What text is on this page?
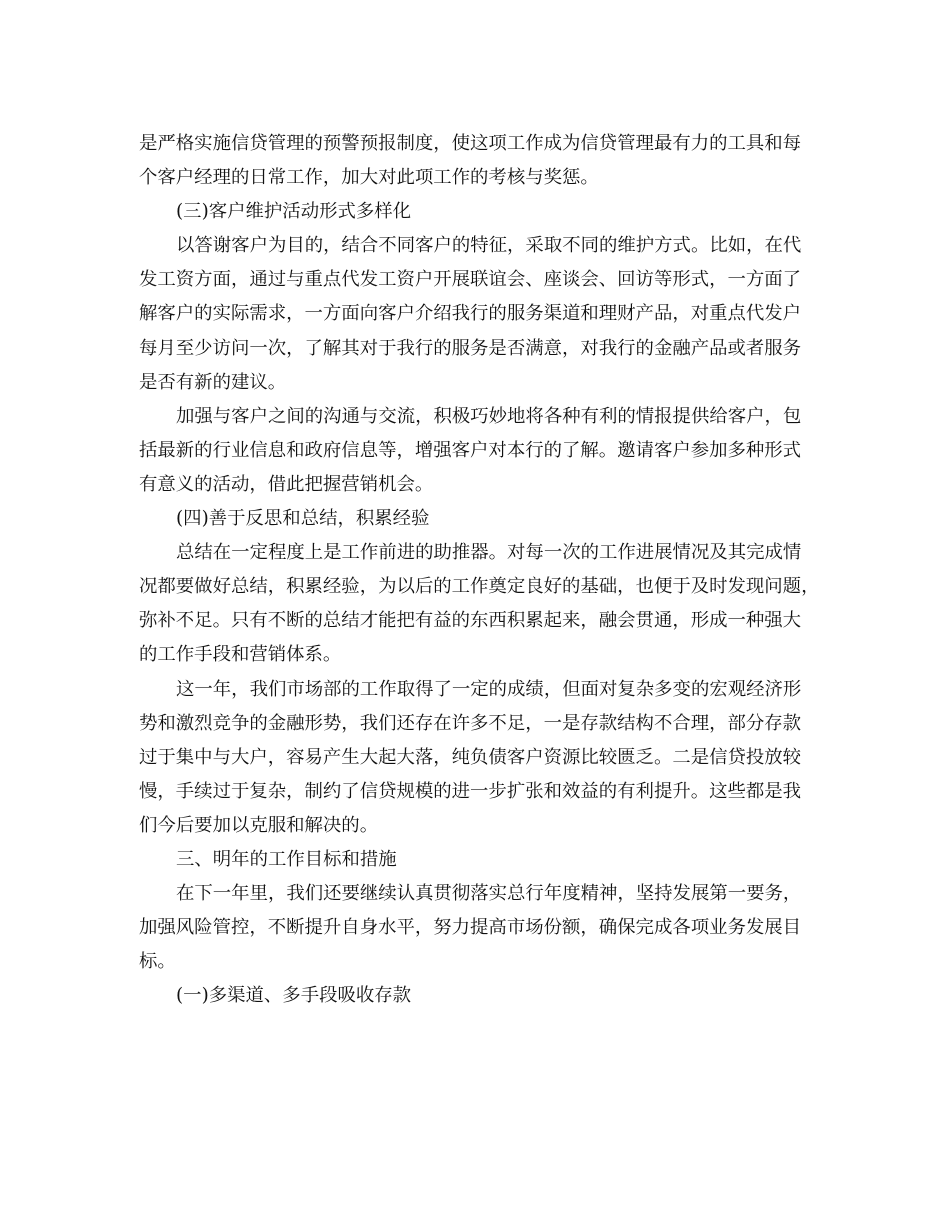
是严格实施信贷管理的预警预报制度，使这项工作成为信贷管理最有力的工具和每
个客户经理的日常工作，加大对此项工作的考核与奖惩。
(三)客户维护活动形式多样化
以答谢客户为目的，结合不同客户的特征，采取不同的维护方式。比如，在代
发工资方面，通过与重点代发工资户开展联谊会、座谈会、回访等形式，一方面了
解客户的实际需求，一方面向客户介绍我行的服务渠道和理财产品，对重点代发户
每月至少访问一次，了解其对于我行的服务是否满意，对我行的金融产品或者服务
是否有新的建议。
加强与客户之间的沟通与交流，积极巧妙地将各种有利的情报提供给客户，包
括最新的行业信息和政府信息等，增强客户对本行的了解。邀请客户参加多种形式
有意义的活动，借此把握营销机会。
(四)善于反思和总结，积累经验
总结在一定程度上是工作前进的助推器。对每一次的工作进展情况及其完成情
况都要做好总结，积累经验，为以后的工作奠定良好的基础，也便于及时发现问题，
弥补不足。只有不断的总结才能把有益的东西积累起来，融会贯通，形成一种强大
的工作手段和营销体系。
这一年，我们市场部的工作取得了一定的成绩，但面对复杂多变的宏观经济形
势和激烈竞争的金融形势，我们还存在许多不足，一是存款结构不合理，部分存款
过于集中与大户，容易产生大起大落，纯负债客户资源比较匮乏。二是信贷投放较
慢，手续过于复杂，制约了信贷规模的进一步扩张和效益的有利提升。这些都是我
们今后要加以克服和解决的。
三、明年的工作目标和措施
在下一年里，我们还要继续认真贯彻落实总行年度精神，坚持发展第一要务，
加强风险管控，不断提升自身水平，努力提高市场份额，确保完成各项业务发展目
标。
(一)多渠道、多手段吸收存款
